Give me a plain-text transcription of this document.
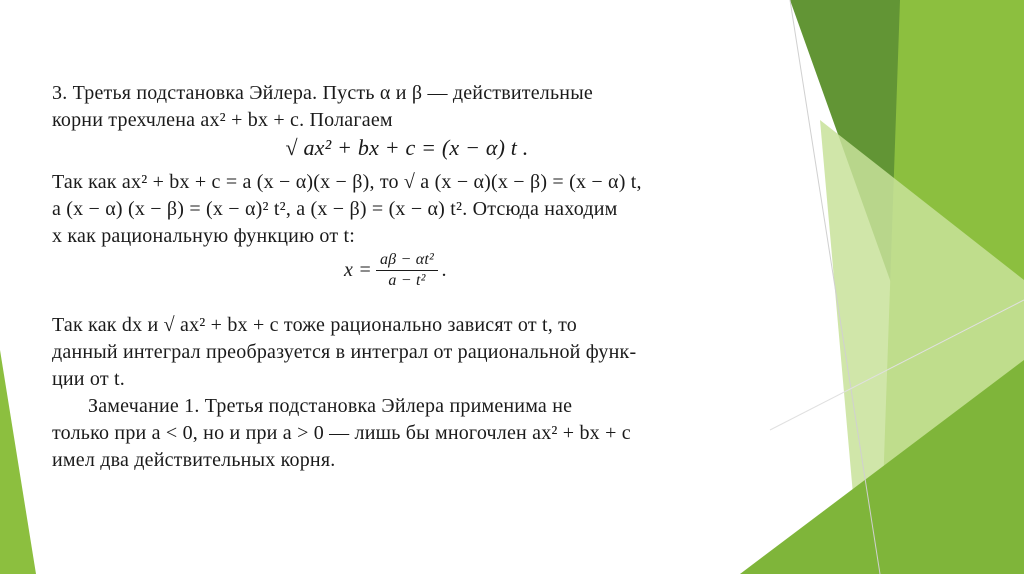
3. Третья подстановка Эйлера. Пусть α и β — действительные
корни трехчлена ax² + bx + c. Полагаем
√ ax² + bx + c = (x − α) t .
Так как ax² + bx + c = a (x − α)(x − β), то √ a (x − α)(x − β) = (x − α) t,
a (x − α) (x − β) = (x − α)² t², a (x − β) = (x − α) t². Отсюда находим
x как рациональную функцию от t:
$x = \frac{\text{aβ − αt²}}{\text{a − t²}}$ .
Так как dx и √ ax² + bx + c тоже рационально зависят от t, то
данный интеграл преобразуется в интеграл от рациональной функ-
ции от t.
Замечание 1. Третья подстановка Эйлера применима не
только при a < 0, но и при a > 0 — лишь бы многочлен ax² + bx + c
имел два действительных корня.
